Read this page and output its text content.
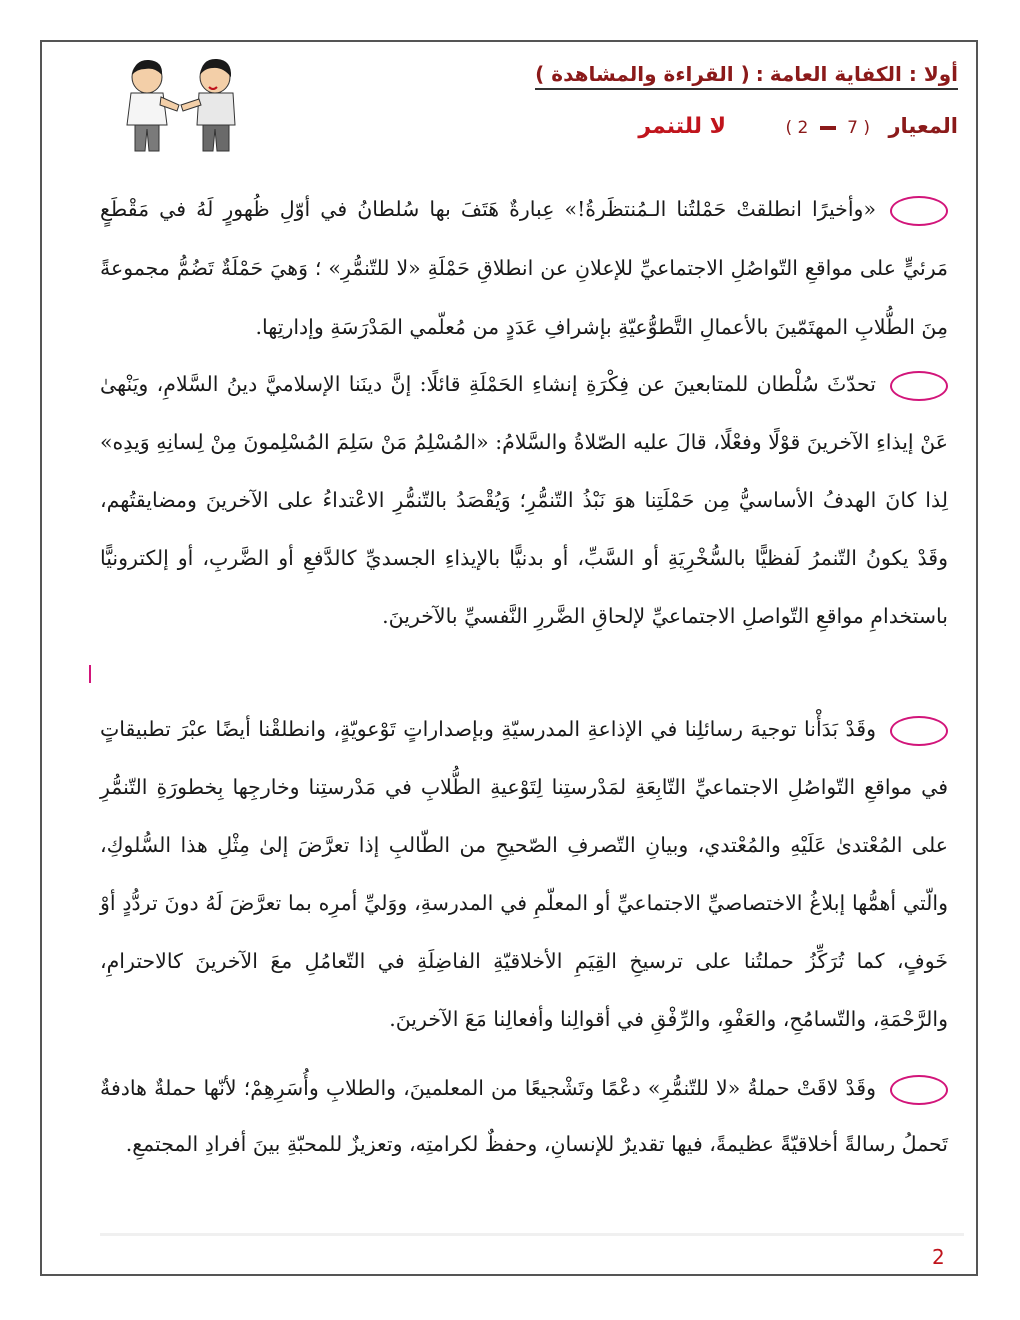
أولا : الكفاية العامة:( القراءة والمشاهدة )
المعيار
( 2 7 )
لا للتنمر
«وأخيرًا انطلقتْ حَمْلتُنا الـمُنتظَرةُ!» عِبارةٌ هَتَفَ بها سُلطانُ في أوّلِ ظُهورٍ لَهُ في مَقْطَعٍ مَرئيٍّ على مواقعِ التّواصُلِ الاجتماعيِّ للإعلانِ عن انطلاقِ حَمْلَةِ «لا للتّنمُّرِ» ؛ وَهيَ حَمْلَةٌ تَضُمُّ مجموعةً مِنَ الطُّلابِ المهتَمّينَ بالأعمالِ التَّطوُّعيّةِ بإشرافِ عَدَدٍ من مُعلّمي المَدْرَسَةِ وإدارتِها.
تحدّثَ سُلْطان للمتابعينَ عن فِكْرَةِ إنشاءِ الحَمْلَةِ قائلًا: إنَّ دينَنا الإسلاميَّ دينُ السَّلامِ، ويَنْهىٰ عَنْ إيذاءِ الآخرينَ قوْلًا وفعْلًا، قالَ عليه الصّلاةُ والسَّلامُ: «المُسْلِمُ مَنْ سَلِمَ المُسْلِمونَ مِنْ لِسانِهِ وَيدِه» لِذا كانَ الهدفُ الأساسيُّ مِن حَمْلَتِنا هوَ نَبْذُ التّنمُّرِ؛ وَيُقْصَدُ بالتّنمُّرِ الاعْتداءُ على الآخرينَ ومضايقتُهم، وقَدْ يكونُ التّنمرُ لَفظيًّا بالسُّخْرِيَةِ أو السَّبِّ، أو بدنيًّا بالإيذاءِ الجسديِّ كالدَّفعِ أو الضَّربِ، أو إلكترونيًّا باستخدامِ مواقعِ التّواصلِ الاجتماعيِّ لإلحاقِ الضَّررِ النَّفسيِّ بالآخرينَ.
وقَدْ بَدَأْنا توجيهَ رسائلِنا في الإذاعةِ المدرسيّةِ وبإصداراتٍ تَوْعويّةٍ، وانطلقْنا أيضًا عبْرَ تطبيقاتٍ في مواقعِ التّواصُلِ الاجتماعيِّ التّابِعَةِ لمَدْرستِنا لِتَوْعيةِ الطُّلابِ في مَدْرستِنا وخارجِها بِخطورَةِ التّنمُّرِ على المُعْتدىٰ عَلَيْهِ والمُعْتدي، وبيانِ التّصرفِ الصّحيحِ من الطّالبِ إذا تعرَّضَ إلىٰ مِثْلِ هذا السُّلوكِ، والّتي أهمُّها إبلاغُ الاختصاصيِّ الاجتماعيِّ أو المعلّمِ في المدرسةِ، ووَليِّ أمرِه بما تعرَّضَ لَهُ دونَ تردُّدٍ أوْ خَوفٍ، كما تُرَكِّزُ حملتُنا على ترسيخِ القِيَمِ الأخلاقيّةِ الفاضِلَةِ في التّعامُلِ معَ الآخرينَ كالاحترامِ، والرَّحْمَةِ، والتّسامُحِ، والعَفْوِ، والرِّفْقِ في أقوالِنا وأفعالِنا مَعَ الآخرينَ.
وقَدْ لاقَتْ حملةُ «لا للتّنمُّرِ» دعْمًا وتَشْجيعًا من المعلمينَ، والطلابِ وأُسَرِهِمْ؛ لأنّها حملةٌ هادفةٌ تَحملُ رسالةً أخلاقيّةً عظيمةً، فيها تقديرٌ للإنسانِ، وحفظٌ لكرامتِه، وتعزيزٌ للمحبّةِ بينَ أفرادِ المجتمعِ.
2
